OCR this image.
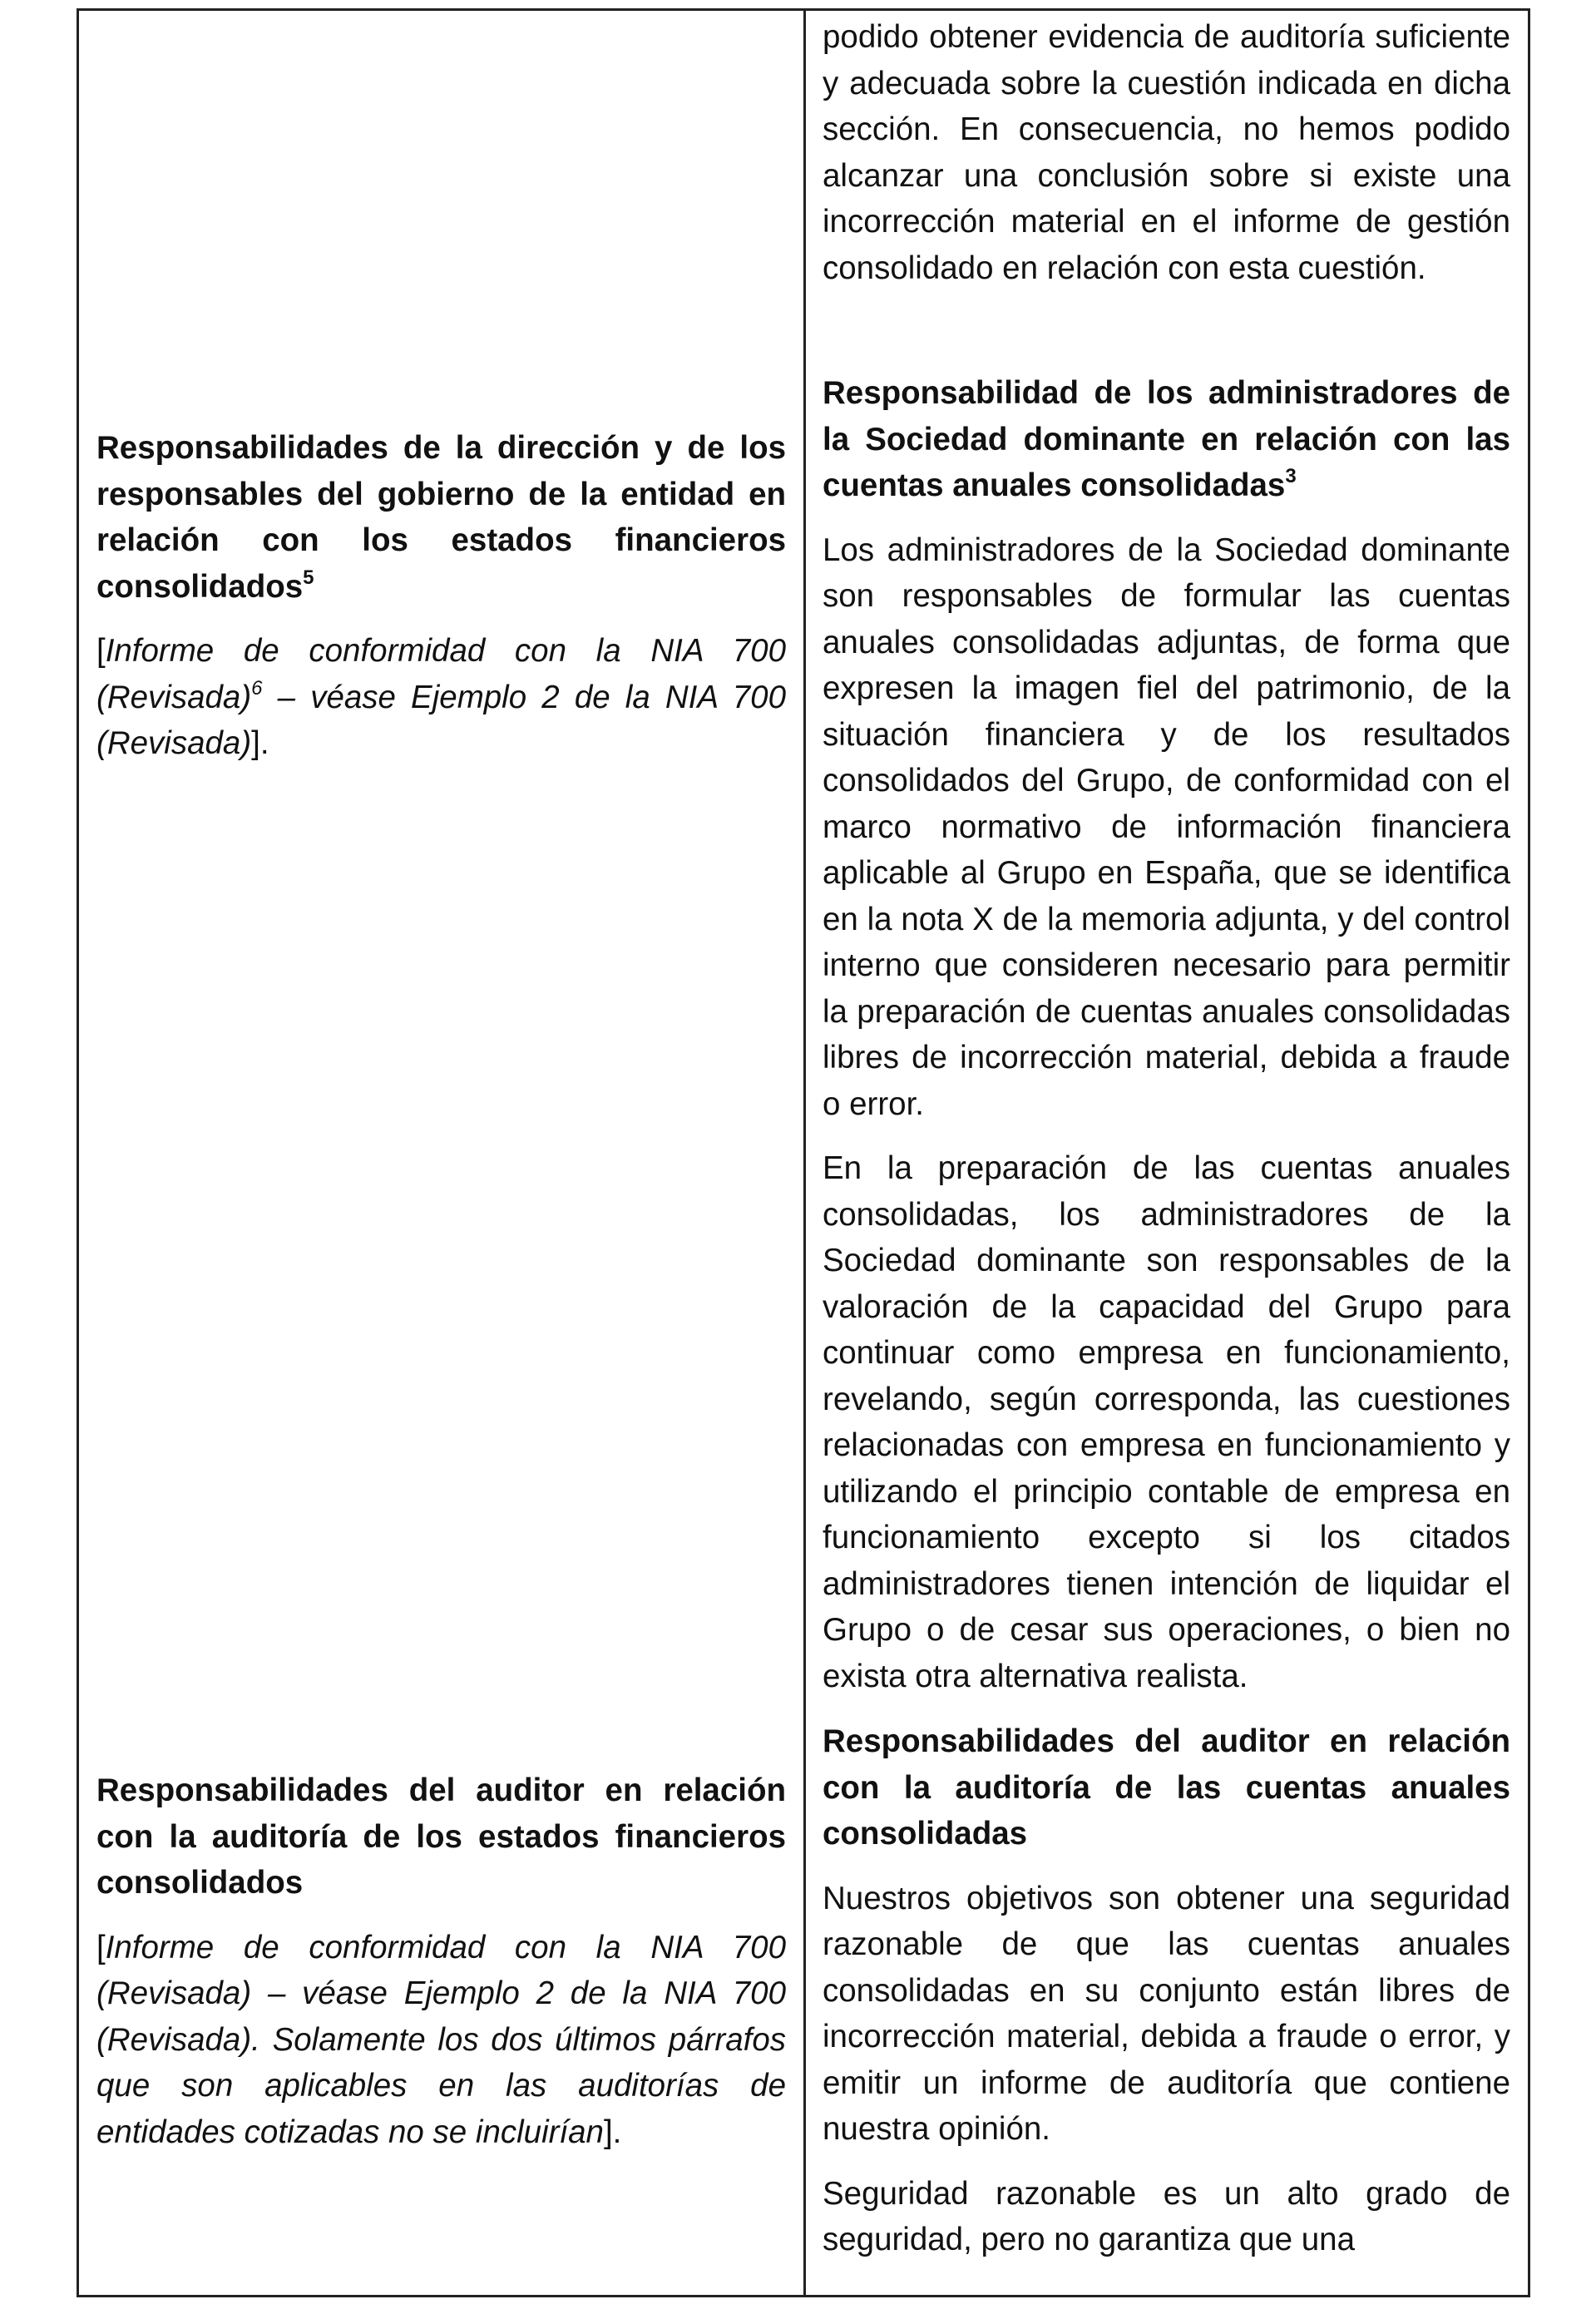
Responsabilidades de la dirección y de los responsables del gobierno de la entidad en relación con los estados financieros consolidados$^5$

[Informe de conformidad con la NIA 700 (Revisada)$^6$ – véase Ejemplo 2 de la NIA 700 (Revisada)].

Responsabilidades del auditor en relación con la auditoría de los estados financieros consolidados

[Informe de conformidad con la NIA 700 (Revisada) – véase Ejemplo 2 de la NIA 700 (Revisada). Solamente los dos últimos párrafos que son aplicables en las auditorías de entidades cotizadas no se incluirían].

podido obtener evidencia de auditoría suficiente y adecuada sobre la cuestión indicada en dicha sección. En consecuencia, no hemos podido alcanzar una conclusión sobre si existe una incorrección material en el informe de gestión consolidado en relación con esta cuestión.

Responsabilidad de los administradores de la Sociedad dominante en relación con las cuentas anuales consolidadas$^3$

Los administradores de la Sociedad dominante son responsables de formular las cuentas anuales consolidadas adjuntas, de forma que expresen la imagen fiel del patrimonio, de la situación financiera y de los resultados consolidados del Grupo, de conformidad con el marco normativo de información financiera aplicable al Grupo en España, que se identifica en la nota X de la memoria adjunta, y del control interno que consideren necesario para permitir la preparación de cuentas anuales consolidadas libres de incorrección material, debida a fraude o error.

En la preparación de las cuentas anuales consolidadas, los administradores de la Sociedad dominante son responsables de la valoración de la capacidad del Grupo para continuar como empresa en funcionamiento, revelando, según corresponda, las cuestiones relacionadas con empresa en funcionamiento y utilizando el principio contable de empresa en funcionamiento excepto si los citados administradores tienen intención de liquidar el Grupo o de cesar sus operaciones, o bien no exista otra alternativa realista.

Responsabilidades del auditor en relación con la auditoría de las cuentas anuales consolidadas

Nuestros objetivos son obtener una seguridad razonable de que las cuentas anuales consolidadas en su conjunto están libres de incorrección material, debida a fraude o error, y emitir un informe de auditoría que contiene nuestra opinión.

Seguridad razonable es un alto grado de seguridad, pero no garantiza que una
